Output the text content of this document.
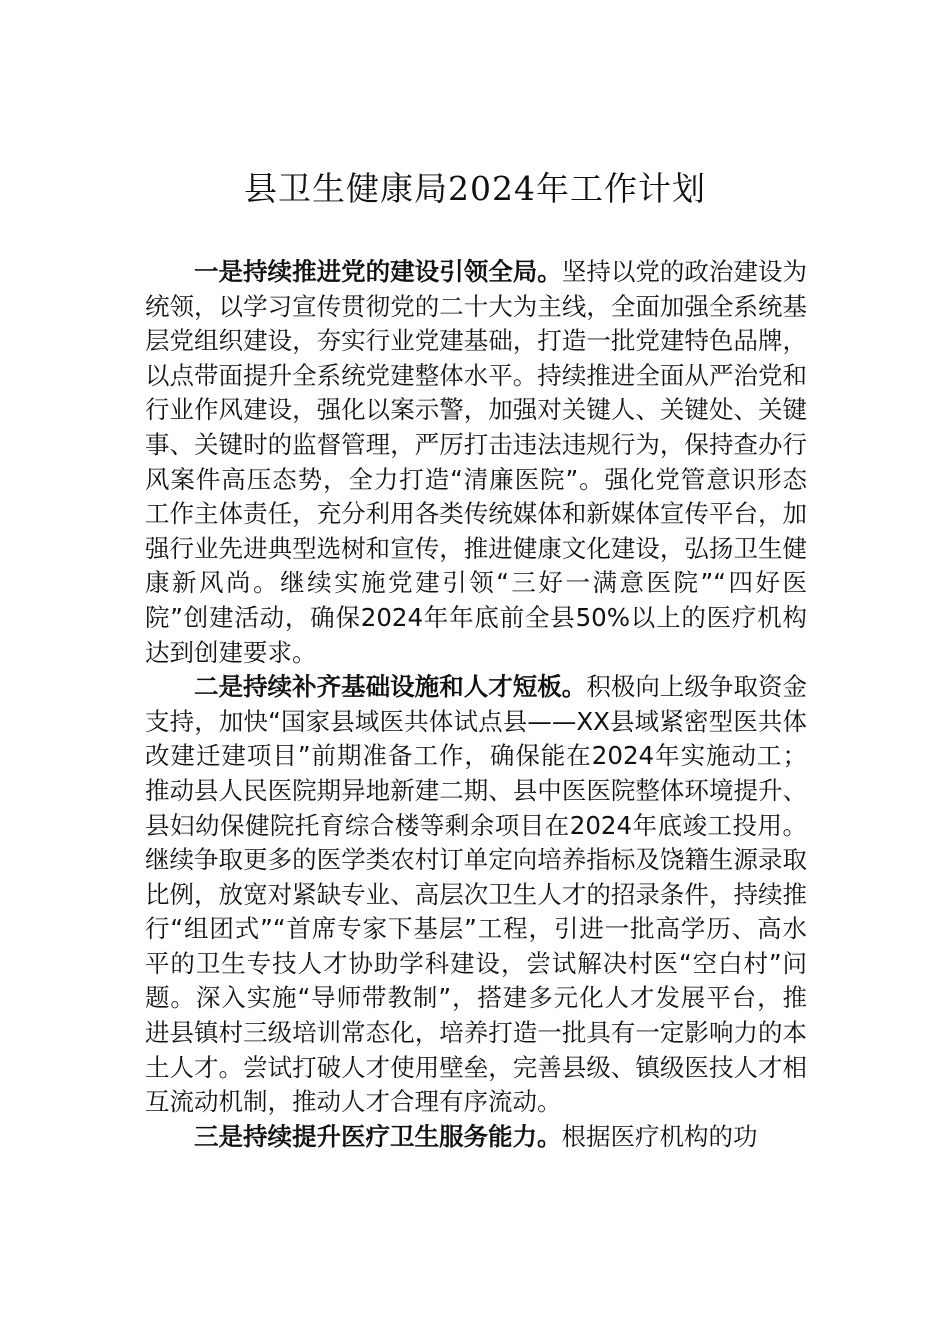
县卫生健康局2024年工作计划

一是持续推进党的建设引领全局。坚持以党的政治建设为统领，以学习宣传贯彻党的二十大为主线，全面加强全系统基层党组织建设，夯实行业党建基础，打造一批党建特色品牌，以点带面提升全系统党建整体水平。持续推进全面从严治党和行业作风建设，强化以案示警，加强对关键人、关键处、关键事、关键时的监督管理，严厉打击违法违规行为，保持查办行风案件高压态势，全力打造“清廉医院”。强化党管意识形态工作主体责任，充分利用各类传统媒体和新媒体宣传平台，加强行业先进典型选树和宣传，推进健康文化建设，弘扬卫生健康新风尚。继续实施党建引领“三好一满意医院”“四好医院”创建活动，确保2024年年底前全县50%以上的医疗机构达到创建要求。

二是持续补齐基础设施和人才短板。积极向上级争取资金支持，加快“国家县域医共体试点县——XX县域紧密型医共体改建迁建项目”前期准备工作，确保能在2024年实施动工；推动县人民医院期异地新建二期、县中医医院整体环境提升、县妇幼保健院托育综合楼等剩余项目在2024年底竣工投用。继续争取更多的医学类农村订单定向培养指标及饶籍生源录取比例，放宽对紧缺专业、高层次卫生人才的招录条件，持续推行“组团式”“首席专家下基层”工程，引进一批高学历、高水平的卫生专技人才协助学科建设，尝试解决村医“空白村”问题。深入实施“导师带教制”，搭建多元化人才发展平台，推进县镇村三级培训常态化，培养打造一批具有一定影响力的本土人才。尝试打破人才使用壁垒，完善县级、镇级医技人才相互流动机制，推动人才合理有序流动。

三是持续提升医疗卫生服务能力。根据医疗机构的功
